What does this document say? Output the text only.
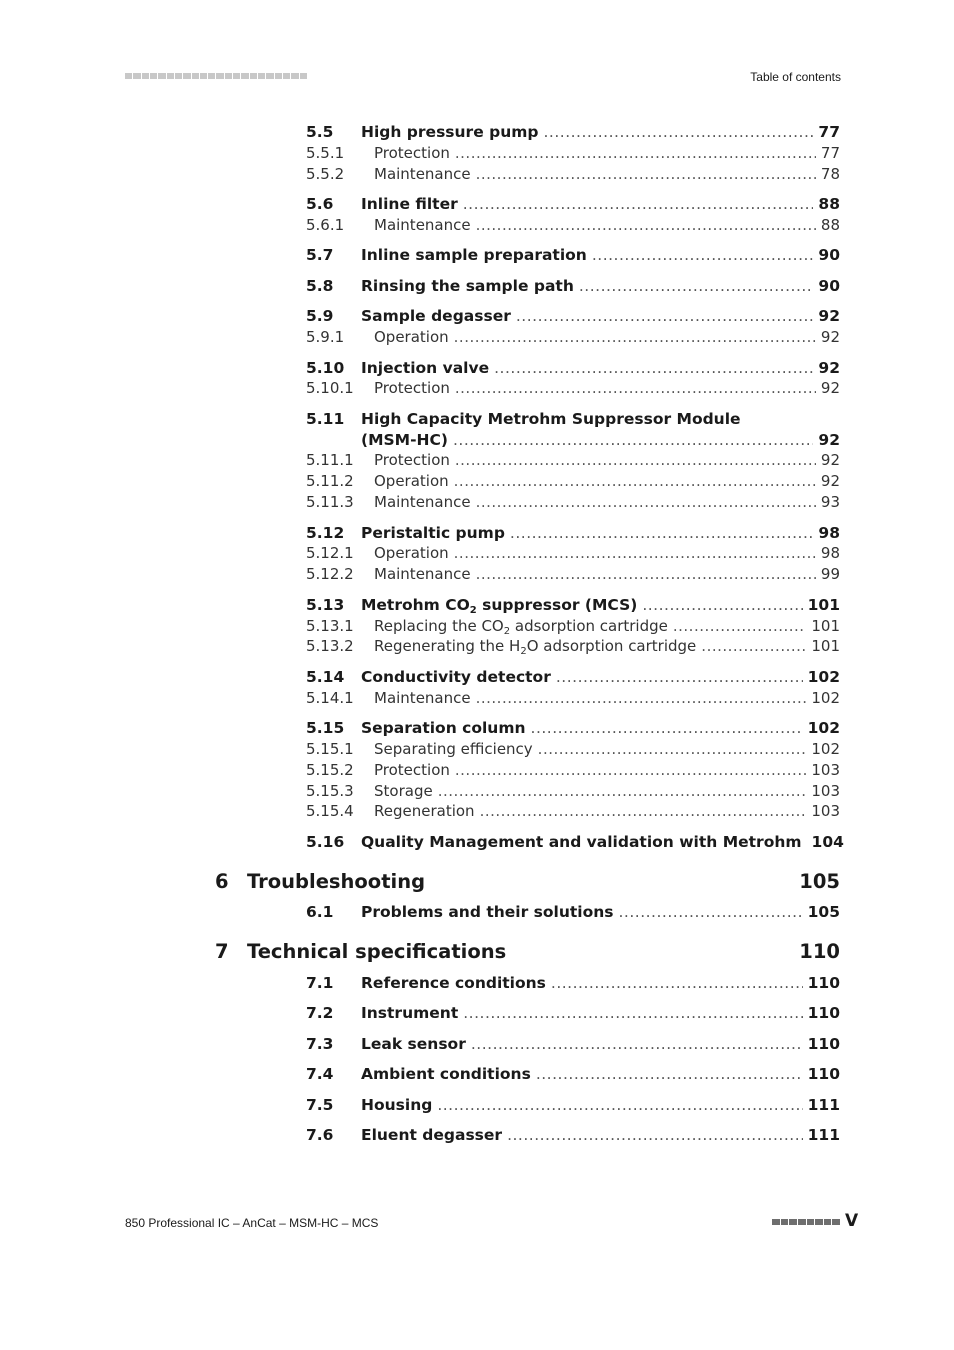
Table of contents
5.5	High pressure pump .....	77
5.5.1	Protection .....	77
5.5.2	Maintenance .....	78
5.6	Inline filter .....	88
5.6.1	Maintenance .....	88
5.7	Inline sample preparation .....	90
5.8	Rinsing the sample path .....	90
5.9	Sample degasser .....	92
5.9.1	Operation .....	92
5.10	Injection valve .....	92
5.10.1	Protection .....	92
5.11	High Capacity Metrohm Suppressor Module
(MSM-HC) .....	92
5.11.1	Protection .....	92
5.11.2	Operation .....	92
5.11.3	Maintenance .....	93
5.12	Peristaltic pump .....	98
5.12.1	Operation .....	98
5.12.2	Maintenance .....	99
5.13	Metrohm $CO_2$ suppressor (MCS) .....	101
5.13.1	Replacing the $CO_2$ adsorption cartridge .....	101
5.13.2	Regenerating the $H_2O$ adsorption cartridge .....	101
5.14	Conductivity detector .....	102
5.14.1	Maintenance .....	102
5.15	Separation column .....	102
5.15.1	Separating efficiency .....	102
5.15.2	Protection .....	103
5.15.3	Storage .....	103
5.15.4	Regeneration .....	103
5.16	Quality Management and validation with Metrohm 104
6 Troubleshooting	105
6.1	Problems and their solutions .....	105
7 Technical specifications	110
7.1	Reference conditions .....	110
7.2	Instrument .....	110
7.3	Leak sensor .....	110
7.4	Ambient conditions .....	110
7.5	Housing .....	111
7.6	Eluent degasser .....	111
850 Professional IC – AnCat – MSM-HC – MCS	V
